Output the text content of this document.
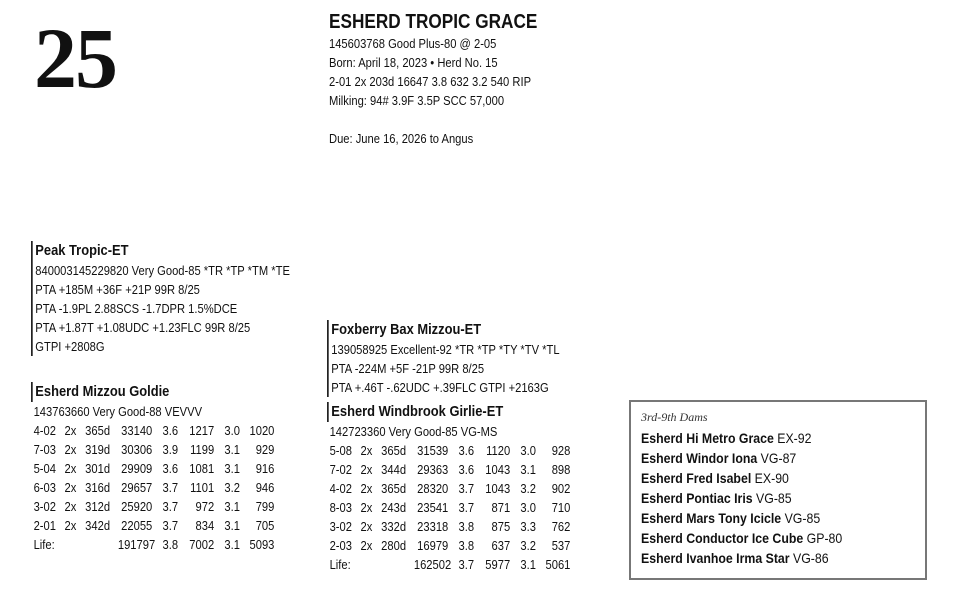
25	ESHERD TROPIC GRACE
145603768 Good Plus-80 @ 2-05
Born: April 18, 2023 • Herd No. 15
2-01 2x 203d 16647 3.8 632 3.2 540 RIP
Milking: 94# 3.9F 3.5P SCC 57,000
Due: June 16, 2026 to Angus
Peak Tropic-ET
840003145229820 Very Good-85 *TR *TP *TM *TE
PTA +185M +36F +21P 99R 8/25
PTA -1.9PL 2.88SCS -1.7DPR 1.5%DCE
PTA +1.87T +1.08UDC +1.23FLC 99R 8/25
GTPI +2808G
Esherd Mizzou Goldie
143763660 Very Good-88 VEVVV
4-02 2x 365d 33140 3.6 1217 3.0 1020
7-03 2x 319d 30306 3.9 1199 3.1	929
5-04 2x 301d 29909 3.6 1081 3.1	916
6-03 2x 316d 29657 3.7 1101 3.2	946
3-02 2x 312d 25920 3.7	972 3.1	799
2-01 2x 342d 22055 3.7	834 3.1	705
Life:	191797 3.8 7002 3.1 5093
Foxberry Bax Mizzou-ET
139058925 Excellent-92 *TR *TP *TY *TV *TL
PTA -224M +5F -21P 99R 8/25
PTA +.46T -.62UDC +.39FLC GTPI +2163G
Esherd Windbrook Girlie-ET
142723360 Very Good-85 VG-MS
5-08 2x 365d 31539 3.6 1120 3.0	928
7-02 2x 344d 29363 3.6 1043 3.1	898
4-02 2x 365d 28320 3.7 1043 3.2	902
8-03 2x 243d 23541 3.7	871 3.0	710
3-02 2x 332d 23318 3.8	875 3.3	762
2-03 2x 280d 16979 3.8	637 3.2	537
Life:	162502 3.7 5977 3.1 5061
3rd-9th Dams
Esherd Hi Metro Grace EX-92
Esherd Windor Iona VG-87
Esherd Fred Isabel EX-90
Esherd Pontiac Iris VG-85
Esherd Mars Tony Icicle VG-85
Esherd Conductor Ice Cube GP-80
Esherd Ivanhoe Irma Star VG-86
